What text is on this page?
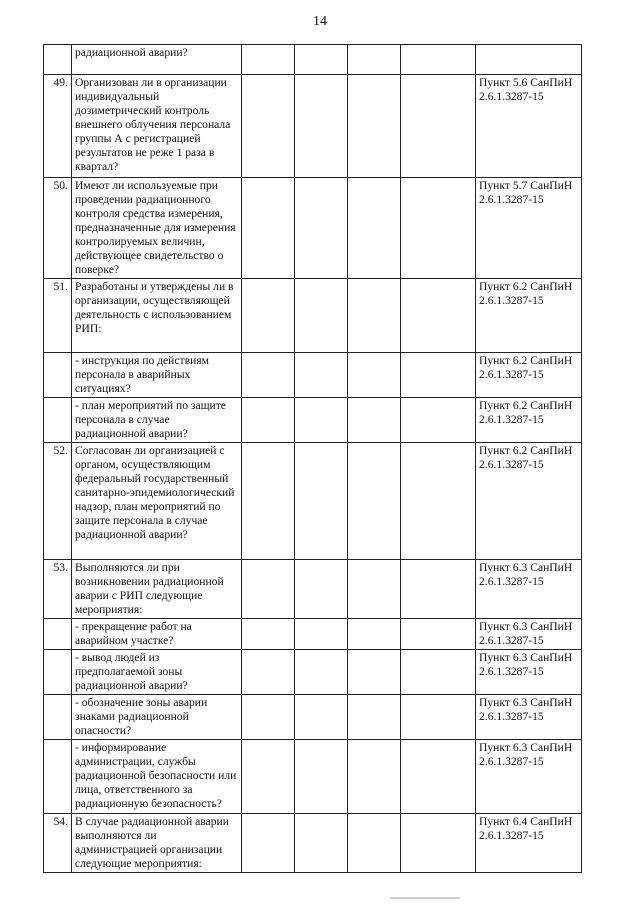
14
	радиационной аварии?					
49.	Организован ли в организации индивидуальный дозиметрический контроль внешнего облучения персонала группы А с регистрацией результатов не реже 1 раза в квартал?					Пункт 5.6 СанПиН 2.6.1.3287-15
50.	Имеют ли используемые при проведении радиационного контроля средства измерения, предназначенные для измерения контролируемых величин, действующее свидетельство о поверке?					Пункт 5.7 СанПиН 2.6.1.3287-15
51.	Разработаны и утверждены ли в организации, осуществляющей деятельность с использованием РИП:					Пункт 6.2 СанПиН 2.6.1.3287-15
	- инструкция по действиям персонала в аварийных ситуациях?					Пункт 6.2 СанПиН 2.6.1.3287-15
	- план мероприятий по защите персонала в случае радиационной аварии?					Пункт 6.2 СанПиН 2.6.1.3287-15
52.	Согласован ли организацией с органом, осуществляющим федеральный государственный санитарно-эпидемиологический надзор, план мероприятий по защите персонала в случае радиационной аварии?					Пункт 6.2 СанПиН 2.6.1.3287-15
53.	Выполняются ли при возникновении радиационной аварии с РИП следующие мероприятия:					Пункт 6.3 СанПиН 2.6.1.3287-15
	- прекращение работ на аварийном участке?					Пункт 6.3 СанПиН 2.6.1.3287-15
	- вывод людей из предполагаемой зоны радиационной аварии?					Пункт 6.3 СанПиН 2.6.1.3287-15
	- обозначение зоны аварии знаками радиационной опасности?					Пункт 6.3 СанПиН 2.6.1.3287-15
	- информирование администрации, службы радиационной безопасности или лица, ответственного за радиационную безопасность?					Пункт 6.3 СанПиН 2.6.1.3287-15
54.	В случае радиационной аварии выполняются ли администрацией организации следующие мероприятия:					Пункт 6.4 СанПиН 2.6.1.3287-15
